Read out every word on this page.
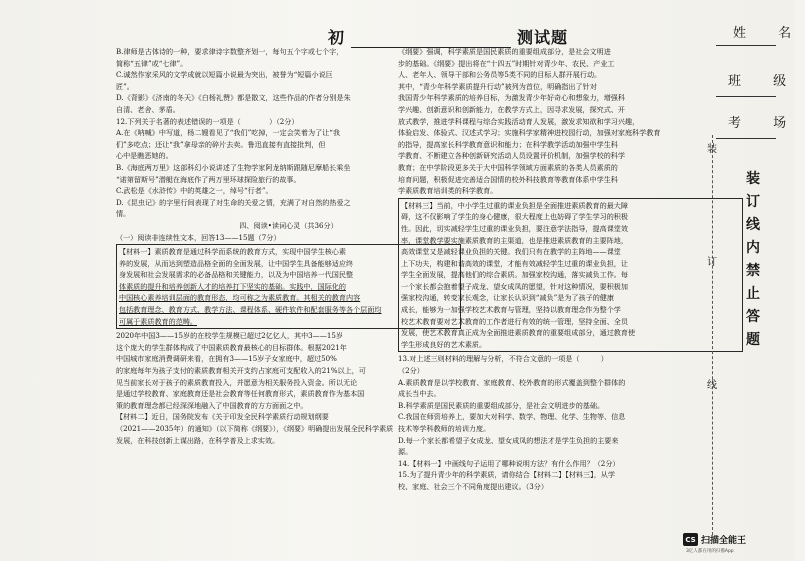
初	测试题

B.律师是古体诗的一种，要求律诗字数整齐划一，每句五个字或七个字，

简称“五律”或“七律”。

C.诚然作家采风的文学成就以短篇小说最为突出，被誉为“短篇小说巨

匠”。

D.《背影》《济南的冬天》《白杨礼赞》都是散文，这些作品的作者分别是朱

自清、老舍、茅盾。

12.下列关于名著的表述错误的一项是（　　　　）（2分）

A.在《呐喊》中写道，杨二嫂看见了“我们”吃掉，一定会笑着为了让“我

们”多吃点；还让“我”拿母亲的碎片去卖。鲁迅直接有直接批判，但

心中是瞧恶她的。

B.《海底两万里》这部科幻小说讲述了生物学家阿龙纳斯跟随尼摩船长乘坐

“诺第留斯号”潜艇在海底作了两万里环球探险旅行的故事。

C.武松是《水浒传》中的英雄之一，绰号“行者”。

D.《昆虫记》的字里行间表现了对生命的关爱之情，充满了对自然的热爱之

情。

四、阅读•读词心灵（共36分）

（一）阅读非连续性文本，回答13——15题（7分）

【材料一】素质教育是通过科学而系统的教育方式，实现中国学生核心素

养的发展，从而达到塑造品格全面的全面发展，让中国学生具备能够适应终

身发展和社会发展需求的必备品格和关键能力，以及为中国培养一代国民整

体素质的提升和培养创新人才的培养打下坚实的基础。实践中，国际化的

中国核心素养培训层面的教育形态，均可称之为素质教育。其相关的教育内容

包括教育理念、教育方式、教学方法、课程体系、硬件软件和配套服务等各个层面均

可属于素质教育的范畴。

2020年中国3——15岁的在校学生规模已超过2亿亿人，其中3——15岁

这个庞大的学生群体构成了中国素质教育最核心的目标群体。根据2021年

中国城市家庭消费调研来看，在拥有3——15岁子女家庭中，超过50%

的家庭每年为孩子支付的素质教育相关开支约占家庭可支配收入的21%以上，可

见当前家长对于孩子的素质教育投入，并愿意为相关服务投入资金。所以无论

是通过学校教育、家庭教育还是社会教育等任何教育形式，素质教育作为基本国

策的教育理念都已经深深地融入了中国教育的方方面面之中。

【材料二】近日，国务院发布《关于印发全民科学素质行动规划纲要

（2021——2035年）的通知》（以下简称《纲要》），《纲要》明确提出发展全民科学素质

发展，在科技创新上谋出路，在科学普及上求实效。

《纲要》强调，科学素质是国民素质的重要组成部分，是社会文明进

步的基础。《纲要》提出将在“十四五”时期针对青少年、农民、产业工

人、老年人、领导干部和公务员等5类不同的目标人群开展行动。

其中，“青少年科学素质提升行动”被列为首位，明确指出了针对

我国青少年科学素质的培养目标，为激发青少年好奇心和想象力，增强科

学兴趣、创新意识和创新能力，在教学方式上，因寻求发展，探究式、开

放式教学，推进学科课程与综合实践活动育人发展，激发求知欲和学习兴趣，

体验启发、体验式、汉述式学习；实施科学家精神进校园行动，加强对家庭科学教育

的指导，提高家长科学教育意识和能力；在科学教学活动加强中学生科

学教育、不断建立各种创新研究活动人员设置评价机制，加强学校的科学

教育；在中学阶段更多关于大中国科学领域方面素质的各类人员素质的

培育问题，积极促进完善适合国情的校外科技教育等教育体系中学生科

学素质教育培训类的科学教育。

【材料三】当前，中小学生过重的课业负担是全面推进素质教育的最大障

碍，这不仅影响了学生的身心健康，很大程度上也妨碍了学生学习的积极

性。因此，切实减轻学生过重的课业负担，要注意学法指导，提高课堂效

率，课堂教学要实施素质教育的主渠道，也是推进素质教育的主要阵地，

高效课堂又是减轻课业负担的关键。我们只有在教学的主阵地——课堂

上下功夫，构建和谐高效的课堂，才能有效减轻学生过重的课业负担，让

学生全面发展，提高他们的综合素质。加强家校沟通，落实减负工作。每

一个家长都会抱着望子成龙、望女成凤的愿望，针对这种情况，要积极加

强家校沟通，转变家长观念，让家长认识到“减负”是为了孩子的健康

成长，能够为一加强学校艺术教育与管理，坚持以教育理念作为整个学

校艺术教育要对艺术教育的工作者进行有效的统一管理，坚持全面、全员

发展，使艺术教育真正成为全面推进素质教育的重要组成部分，通过教育使

学生形成良好的艺术素质。

13.对上述三则材料的理解与分析，不符合文意的一项是（　　　）

（2分）

A.素质教育是以学校教育、家庭教育、校外教育的形式覆盖到整个群体的

成长当中去。

B.科学素质是国民素质的重要组成部分，是社会文明进步的基础。

C.我国在师资培养上，要加大对科学、数学、物理、化学、生物等、信息

技术等学科教师的培训力度。

D.每一个家长都希望子女成龙、望女成凤的想法才是学生负担的主要来

源。

14.【材料一】中画线句子运用了哪种说明方法？有什么作用？（2分）

15.为了提升青少年的科学素质，请你结合【材料二】【材料三】，从学

校、家庭、社会三个不同角度提出建议。（3分）

姓 名
班 级
考 场
装
订
线
装
订
线
内
禁
止
答
题
CS 扫描全能王
3亿人都在用的扫描App
